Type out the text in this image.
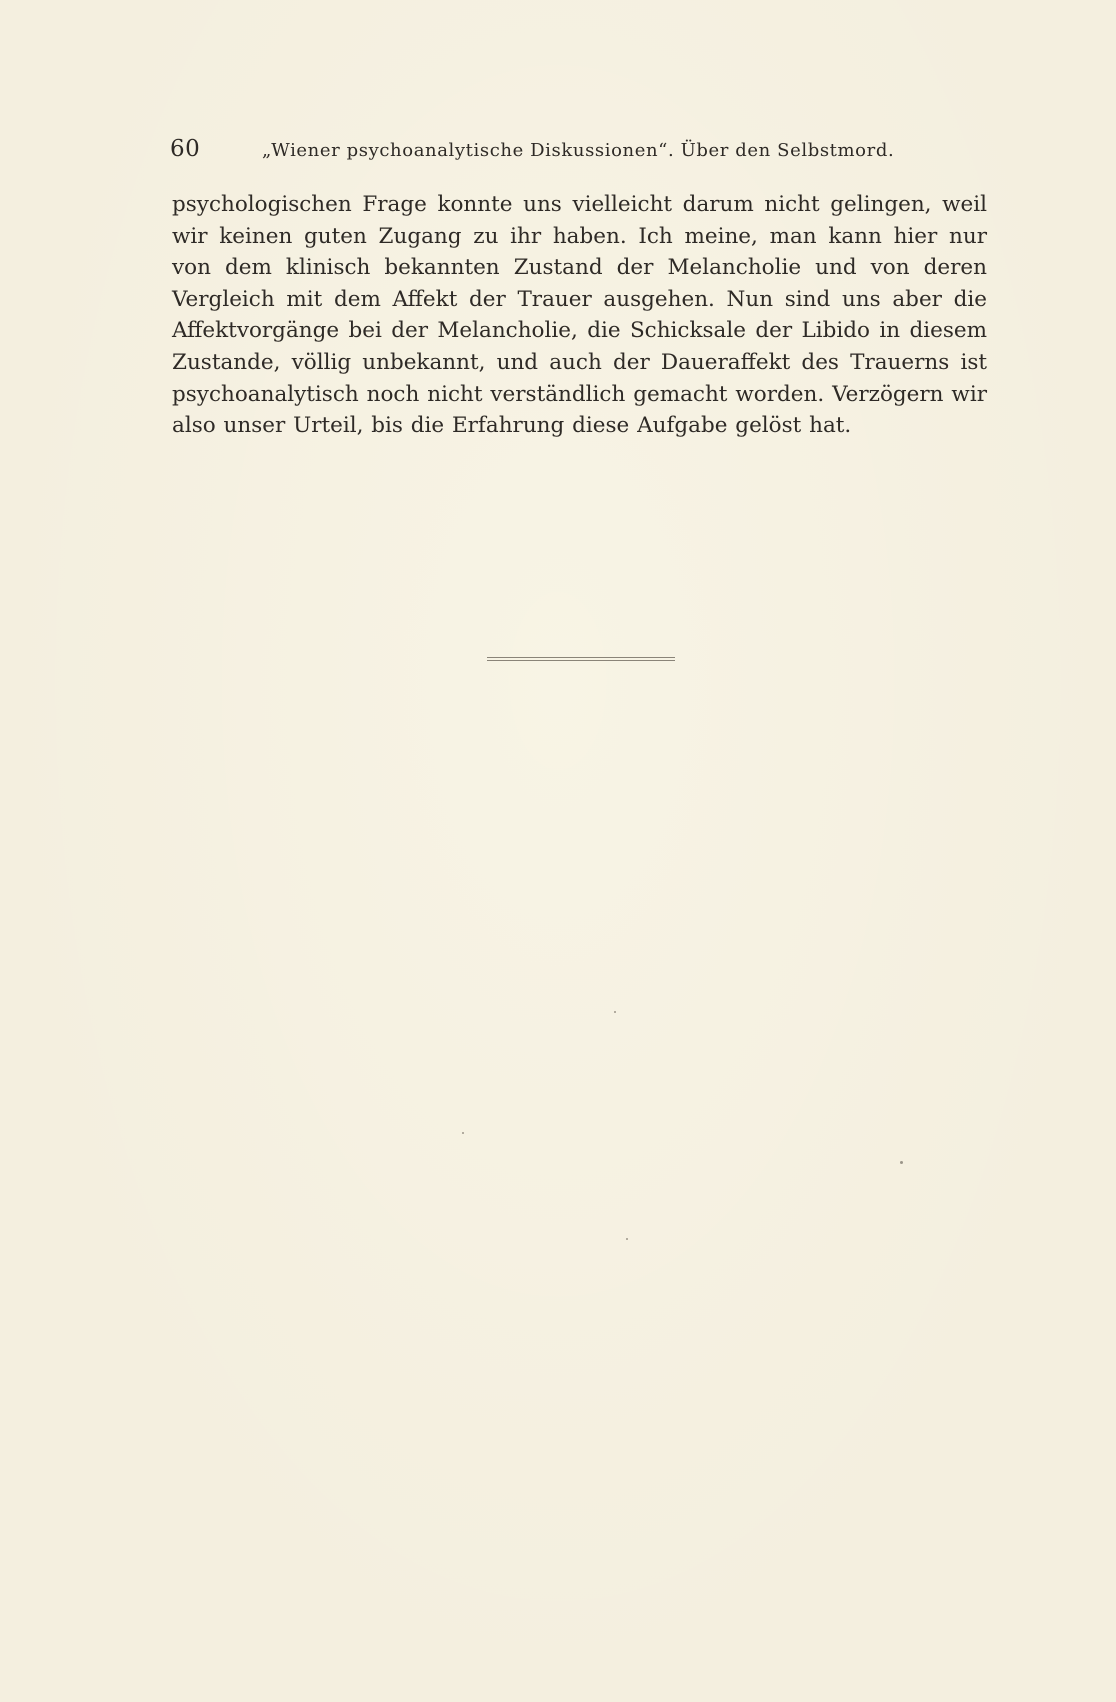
60	„Wiener psychoanalytische Diskussionen“. Über den Selbstmord.

psychologischen Frage konnte uns vielleicht darum nicht gelingen, weil wir keinen guten Zugang zu ihr haben. Ich meine, man kann hier nur von dem klinisch bekannten Zustand der Melancholie und von deren Vergleich mit dem Affekt der Trauer ausgehen. Nun sind uns aber die Affektvorgänge bei der Melancholie, die Schicksale der Libido in diesem Zustande, völlig unbekannt, und auch der Daueraffekt des Trauerns ist psychoanalytisch noch nicht verständlich gemacht worden. Verzögern wir also unser Urteil, bis die Erfahrung diese Aufgabe gelöst hat.
